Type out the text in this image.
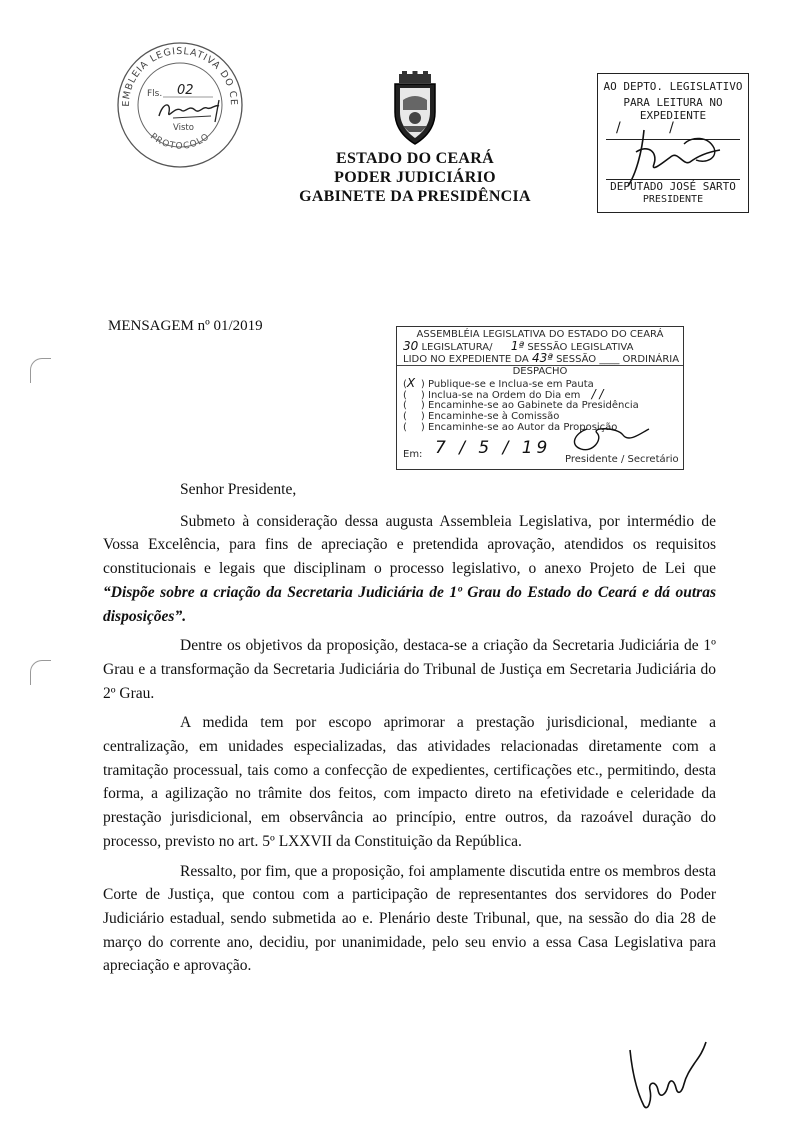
EMBLEIA LEGISLATIVA DO CE
PROTOCOLO
Fls. 02
Visto
ESTADO DO CEARÁ
PODER JUDICIÁRIO
GABINETE DA PRESIDÊNCIA
AO DEPTO. LEGISLATIVO
PARA LEITURA NO EXPEDIENTE
/ /
DEPUTADO JOSÉ SARTO
PRESIDENTE
MENSAGEM nº 01/2019
ASSEMBLÉIA LEGISLATIVA DO ESTADO DO CEARÁ
30 LEGISLATURA/ 1ª SESSÃO LEGISLATIVA
LIDO NO EXPEDIENTE DA 43ª SESSÃO ____ ORDINÁRIA
DESPACHO
(X ) Publique-se e Inclua-se em Pauta
( ) Inclua-se na Ordem do Dia em / /
( ) Encaminhe-se ao Gabinete da Presidência
( ) Encaminhe-se à Comissão
( ) Encaminhe-se ao Autor da Proposição
Em: 7 / 5 / 19
Presidente / Secretário

Senhor Presidente,

Submeto à consideração dessa augusta Assembleia Legislativa, por intermédio de Vossa Excelência, para fins de apreciação e pretendida aprovação, atendidos os requisitos constitucionais e legais que disciplinam o processo legislativo, o anexo Projeto de Lei que “Dispõe sobre a criação da Secretaria Judiciária de 1º Grau do Estado do Ceará e dá outras disposições”.

Dentre os objetivos da proposição, destaca-se a criação da Secretaria Judiciária de 1º Grau e a transformação da Secretaria Judiciária do Tribunal de Justiça em Secretaria Judiciária do 2º Grau.

A medida tem por escopo aprimorar a prestação jurisdicional, mediante a centralização, em unidades especializadas, das atividades relacionadas diretamente com a tramitação processual, tais como a confecção de expedientes, certificações etc., permitindo, desta forma, a agilização no trâmite dos feitos, com impacto direto na efetividade e celeridade da prestação jurisdicional, em observância ao princípio, entre outros, da razoável duração do processo, previsto no art. 5º LXXVII da Constituição da República.

Ressalto, por fim, que a proposição, foi amplamente discutida entre os membros desta Corte de Justiça, que contou com a participação de representantes dos servidores do Poder Judiciário estadual, sendo submetida ao e. Plenário deste Tribunal, que, na sessão do dia 28 de março do corrente ano, decidiu, por unanimidade, pelo seu envio a essa Casa Legislativa para apreciação e aprovação.
